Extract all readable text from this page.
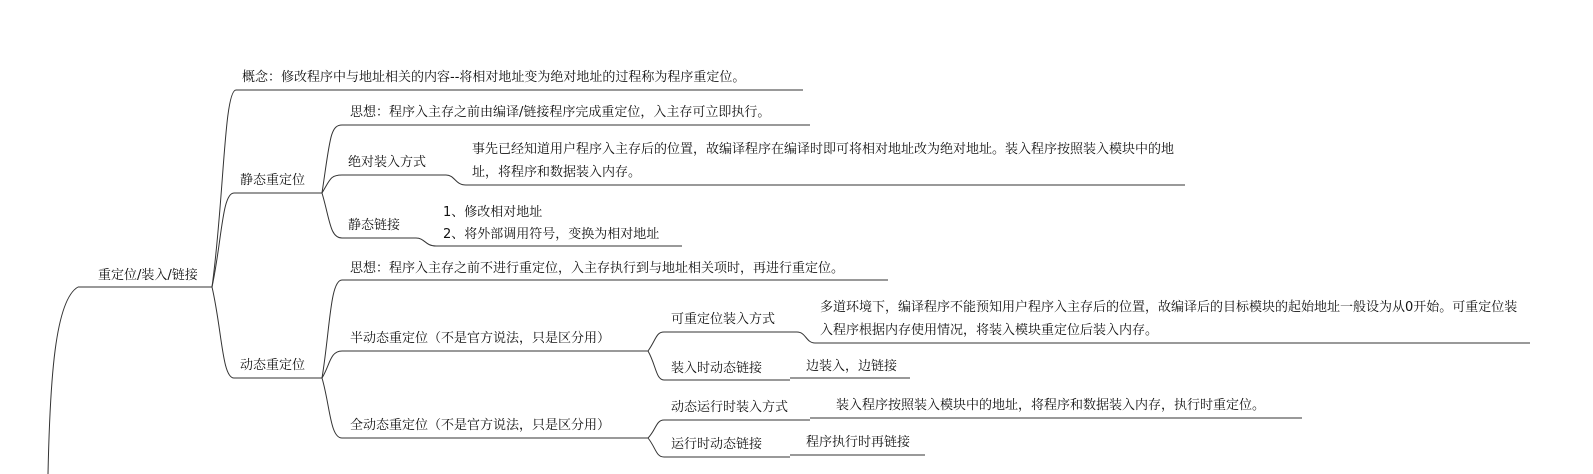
重定位/装入/链接
概念：修改程序中与地址相关的内容--将相对地址变为绝对地址的过程称为程序重定位。
静态重定位
思想：程序入主存之前由编译/链接程序完成重定位，入主存可立即执行。
绝对装入方式
事先已经知道用户程序入主存后的位置，故编译程序在编译时即可将相对地址改为绝对地址。装入程序按照装入模块中的地址，将程序和数据装入内存。
静态链接
1、修改相对地址
2、将外部调用符号，变换为相对地址
动态重定位
思想：程序入主存之前不进行重定位，入主存执行到与地址相关项时，再进行重定位。
半动态重定位（不是官方说法，只是区分用）
全动态重定位（不是官方说法，只是区分用）
可重定位装入方式
多道环境下，编译程序不能预知用户程序入主存后的位置，故编译后的目标模块的起始地址一般设为从0开始。可重定位装入程序根据内存使用情况，将装入模块重定位后装入内存。
装入时动态链接	边装入，边链接
动态运行时装入方式	装入程序按照装入模块中的地址，将程序和数据装入内存，执行时重定位。
运行时动态链接	程序执行时再链接
